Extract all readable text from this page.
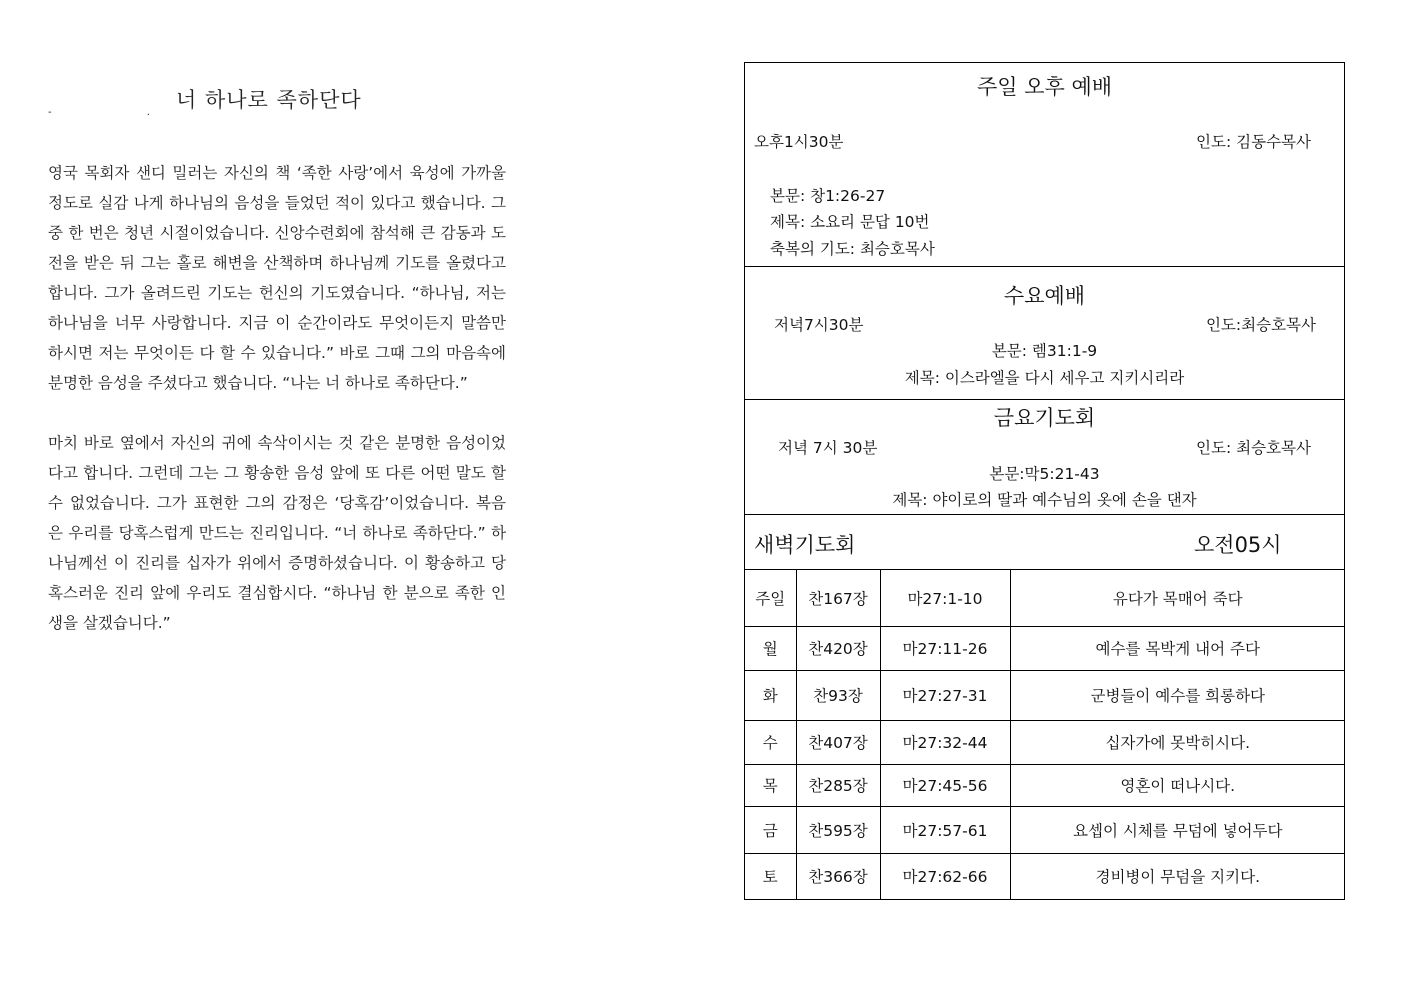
너 하나로 족하단다
- .

영국 목회자 샌디 밀러는 자신의 책 ‘족한 사랑’에서 육성에 가까울 정도로 실감 나게 하나님의 음성을 들었던 적이 있다고 했습니다. 그중 한 번은 청년 시절이었습니다. 신앙수련회에 참석해 큰 감동과 도전을 받은 뒤 그는 홀로 해변을 산책하며 하나님께 기도를 올렸다고 합니다. 그가 올려드린 기도는 헌신의 기도였습니다. “하나님, 저는 하나님을 너무 사랑합니다. 지금 이 순간이라도 무엇이든지 말씀만 하시면 저는 무엇이든 다 할 수 있습니다.” 바로 그때 그의 마음속에 분명한 음성을 주셨다고 했습니다. “나는 너 하나로 족하단다.”

마치 바로 옆에서 자신의 귀에 속삭이시는 것 같은 분명한 음성이었다고 합니다. 그런데 그는 그 황송한 음성 앞에 또 다른 어떤 말도 할 수 없었습니다. 그가 표현한 그의 감정은 ‘당혹감’이었습니다. 복음은 우리를 당혹스럽게 만드는 진리입니다. “너 하나로 족하단다.” 하나님께선 이 진리를 십자가 위에서 증명하셨습니다. 이 황송하고 당혹스러운 진리 앞에 우리도 결심합시다. “하나님 한 분으로 족한 인생을 살겠습니다.”

주일 오후 예배
오후1시30분	인도: 김동수목사
본문: 창1:26-27
제목: 소요리 문답 10번
축복의 기도: 최승호목사
수요예배
저녁7시30분	인도:최승호목사
본문: 렘31:1-9
제목: 이스라엘을 다시 세우고 지키시리라
금요기도회
저녁 7시 30분	인도: 최승호목사
본문:막5:21-43
제목: 야이로의 딸과 예수님의 옷에 손을 댄자
새벽기도회	오전05시
주일	찬167장	마27:1-10	유다가 목매어 죽다
월	찬420장	마27:11-26	예수를 목박게 내어 주다
화	찬93장	마27:27-31	군병들이 예수를 희롱하다
수	찬407장	마27:32-44	십자가에 못박히시다.
목	찬285장	마27:45-56	영혼이 떠나시다.
금	찬595장	마27:57-61	요셉이 시체를 무덤에 넣어두다
토	찬366장	마27:62-66	경비병이 무덤을 지키다.
